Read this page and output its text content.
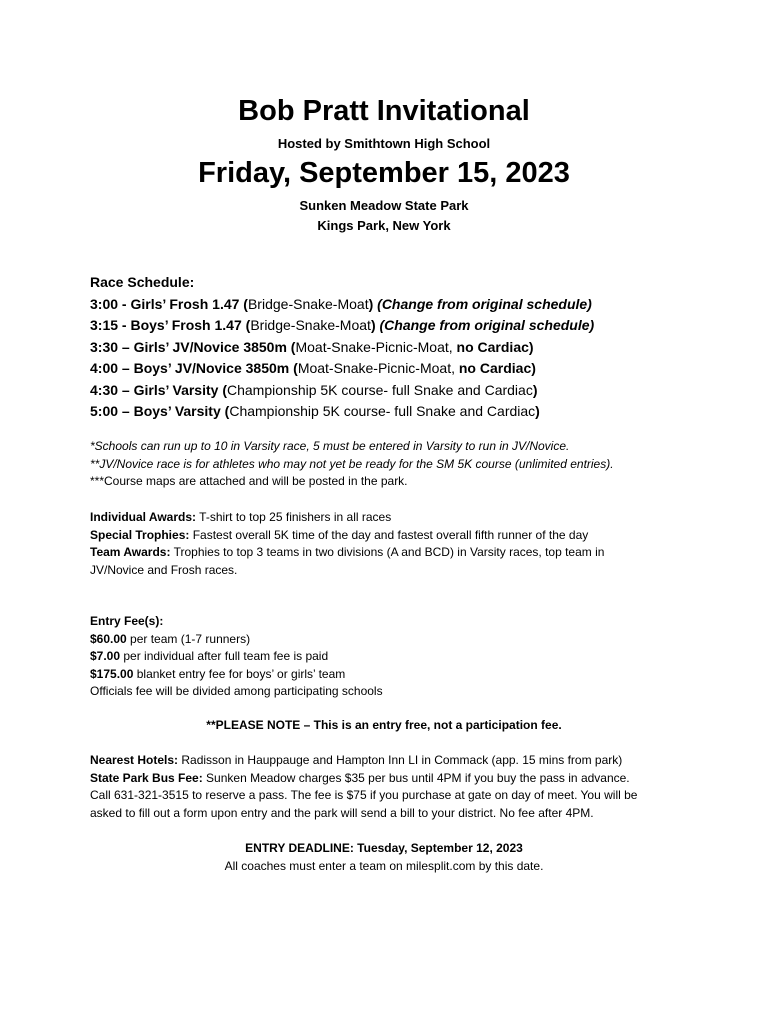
Bob Pratt Invitational
Hosted by Smithtown High School
Friday, September 15, 2023
Sunken Meadow State Park
Kings Park, New York
Race Schedule:
3:00 - Girls’ Frosh 1.47 (Bridge-Snake-Moat) (Change from original schedule)
3:15 - Boys’ Frosh 1.47 (Bridge-Snake-Moat) (Change from original schedule)
3:30 – Girls’ JV/Novice 3850m (Moat-Snake-Picnic-Moat, no Cardiac)
4:00 – Boys’ JV/Novice 3850m (Moat-Snake-Picnic-Moat, no Cardiac)
4:30 – Girls’ Varsity (Championship 5K course- full Snake and Cardiac)
5:00 – Boys’ Varsity (Championship 5K course- full Snake and Cardiac)
*Schools can run up to 10 in Varsity race, 5 must be entered in Varsity to run in JV/Novice.
**JV/Novice race is for athletes who may not yet be ready for the SM 5K course (unlimited entries).
***Course maps are attached and will be posted in the park.
Individual Awards: T-shirt to top 25 finishers in all races
Special Trophies: Fastest overall 5K time of the day and fastest overall fifth runner of the day
Team Awards: Trophies to top 3 teams in two divisions (A and BCD) in Varsity races, top team in
JV/Novice and Frosh races.
Entry Fee(s):
$60.00 per team (1-7 runners)
$7.00 per individual after full team fee is paid
$175.00 blanket entry fee for boys’ or girls’ team
Officials fee will be divided among participating schools
**PLEASE NOTE – This is an entry free, not a participation fee.
Nearest Hotels: Radisson in Hauppauge and Hampton Inn LI in Commack (app. 15 mins from park)
State Park Bus Fee: Sunken Meadow charges $35 per bus until 4PM if you buy the pass in advance.
Call 631-321-3515 to reserve a pass. The fee is $75 if you purchase at gate on day of meet. You will be
asked to fill out a form upon entry and the park will send a bill to your district. No fee after 4PM.
ENTRY DEADLINE: Tuesday, September 12, 2023
All coaches must enter a team on milesplit.com by this date.
